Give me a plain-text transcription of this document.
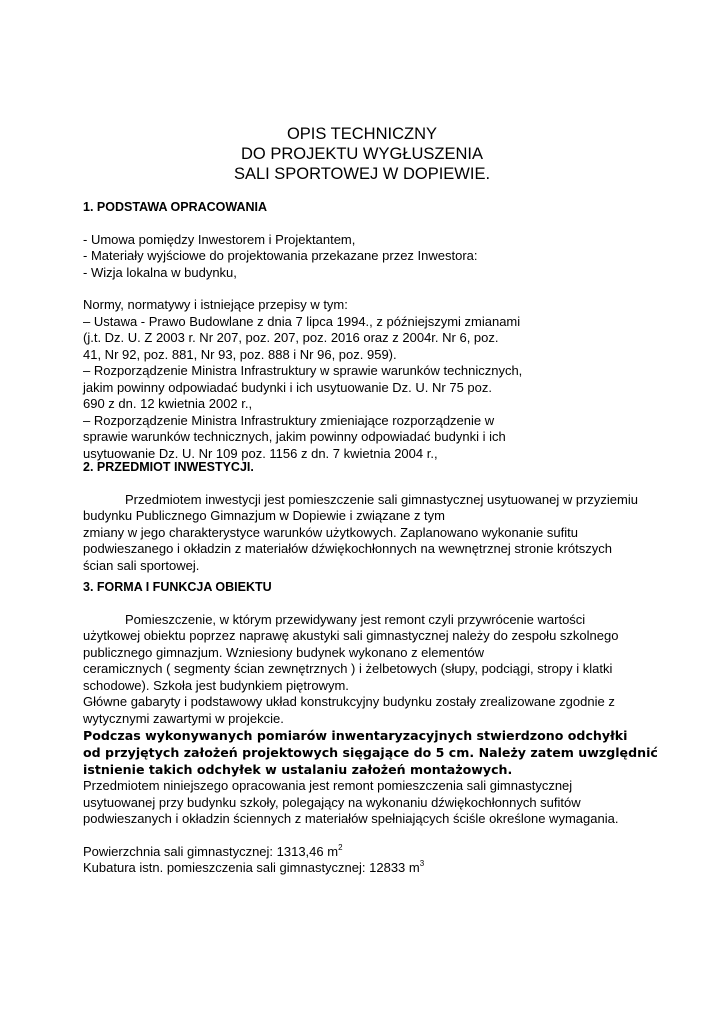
OPIS TECHNICZNY
DO PROJEKTU WYGŁUSZENIA
SALI SPORTOWEJ W DOPIEWIE.
1. PODSTAWA OPRACOWANIA
- Umowa pomiędzy Inwestorem i Projektantem,
- Materiały wyjściowe do projektowania przekazane przez Inwestora:
- Wizja lokalna w budynku,
Normy, normatywy i istniejące przepisy w tym:
– Ustawa - Prawo Budowlane z dnia 7 lipca 1994., z późniejszymi zmianami
(j.t. Dz. U. Z 2003 r. Nr 207, poz. 207, poz. 2016 oraz z 2004r. Nr 6, poz.
41, Nr 92, poz. 881, Nr 93, poz. 888 i Nr 96, poz. 959).
– Rozporządzenie Ministra Infrastruktury w sprawie warunków technicznych,
jakim powinny odpowiadać budynki i ich usytuowanie Dz. U. Nr 75 poz.
690 z dn. 12 kwietnia 2002 r.,
– Rozporządzenie Ministra Infrastruktury zmieniające rozporządzenie w
sprawie warunków technicznych, jakim powinny odpowiadać budynki i ich
usytuowanie Dz. U. Nr 109 poz. 1156 z dn. 7 kwietnia 2004 r.,
2. PRZEDMIOT INWESTYCJI.
Przedmiotem inwestycji jest pomieszczenie sali gimnastycznej usytuowanej w przyziemiu
budynku Publicznego Gimnazjum w Dopiewie i związane z tym
zmiany w jego charakterystyce warunków użytkowych. Zaplanowano wykonanie sufitu
podwieszanego i okładzin z materiałów dźwiękochłonnych na wewnętrznej stronie krótszych
ścian sali sportowej.
3. FORMA I FUNKCJA OBIEKTU
Pomieszczenie, w którym przewidywany jest remont czyli przywrócenie wartości
użytkowej obiektu poprzez naprawę akustyki sali gimnastycznej należy do zespołu szkolnego
publicznego gimnazjum. Wzniesiony budynek wykonano z elementów
ceramicznych ( segmenty ścian zewnętrznych ) i żelbetowych (słupy, podciągi, stropy i klatki
schodowe). Szkoła jest budynkiem piętrowym.
Główne gabaryty i podstawowy układ konstrukcyjny budynku zostały zrealizowane zgodnie z
wytycznymi zawartymi w projekcie.
Podczas wykonywanych pomiarów inwentaryzacyjnych stwierdzono odchyłki
od przyjętych założeń projektowych sięgające do 5 cm. Należy zatem uwzględnić
istnienie takich odchyłek w ustalaniu założeń montażowych.
Przedmiotem niniejszego opracowania jest remont pomieszczenia sali gimnastycznej
usytuowanej przy budynku szkoły, polegający na wykonaniu dźwiękochłonnych sufitów
podwieszanych i okładzin ściennych z materiałów spełniających ściśle określone wymagania.
Powierzchnia sali gimnastycznej: 1313,46 $m^2$
Kubatura istn. pomieszczenia sali gimnastycznej: 12833 $m^3$
